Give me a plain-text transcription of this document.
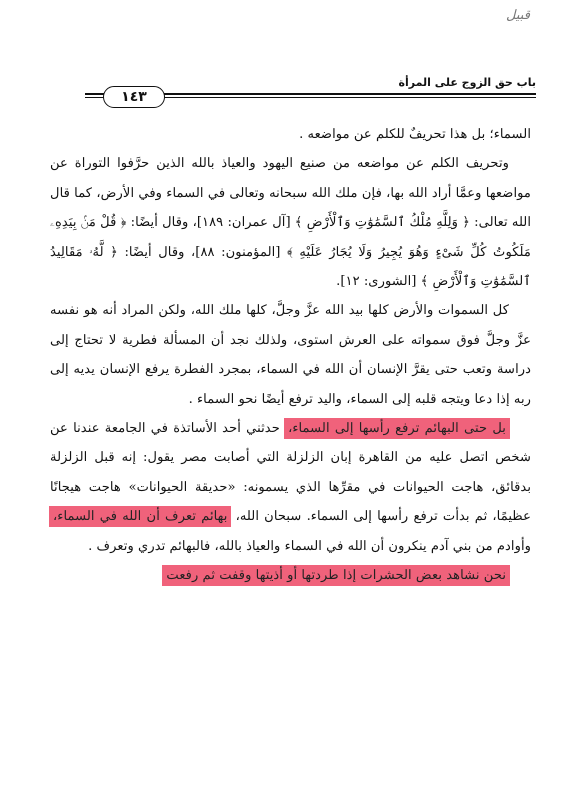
قبيل
باب حق الزوج على المرأة
١٤٣

السماء؛ بل هذا تحريفٌ للكلم عن مواضعه .

وتحريف الكلم عن مواضعه من صنيع اليهود والعياذ بالله الذين حرَّفوا التوراة عن مواضعها وعمَّا أراد الله بها، فإن ملك الله سبحانه وتعالى في السماء وفي الأرض، كما قال الله تعالى: ﴿ وَلِلَّهِ مُلْكُ ٱلسَّمَٰوَٰتِ وَٱلْأَرْضِ ﴾ [آل عمران: ١٨٩]، وقال أيضًا: ﴿ قُلْ مَنۢ بِيَدِهِۦ مَلَكُوتُ كُلِّ شَىْءٍ وَهُوَ يُجِيرُ وَلَا يُجَارُ عَلَيْهِ ﴾ [المؤمنون: ٨٨]، وقال أيضًا: ﴿ لَّهُۥ مَقَالِيدُ ٱلسَّمَٰوَٰتِ وَٱلْأَرْضِ ﴾ [الشورى: ١٢].

كل السموات والأرض كلها بيد الله عزَّ وجلَّ، كلها ملك الله، ولكن المراد أنه هو نفسه عزَّ وجلَّ فوق سمواته على العرش استوى، ولذلك نجد أن المسألة فطرية لا تحتاج إلى دراسة وتعب حتى يقرَّ الإنسان أن الله في السماء، بمجرد الفطرة يرفع الإنسان يديه إلى ربه إذا دعا ويتجه قلبه إلى السماء، واليد ترفع أيضًا نحو السماء .

بل حتى البهائم ترفع رأسها إلى السماء، حدثني أحد الأساتذة في الجامعة عندنا عن شخص اتصل عليه من القاهرة إبان الزلزلة التي أصابت مصر يقول: إنه قبل الزلزلة بدقائق، هاجت الحيوانات في مقرِّها الذي يسمونه: «حديقة الحيوانات» هاجت هيجانًا عظيمًا، ثم بدأت ترفع رأسها إلى السماء. سبحان الله، بهائم تعرف أن الله في السماء، وأوادم من بني آدم ينكرون أن الله في السماء والعياذ بالله، فالبهائم تدري وتعرف .

نحن نشاهد بعض الحشرات إذا طردتها أو أذيتها وقفت ثم رفعت
